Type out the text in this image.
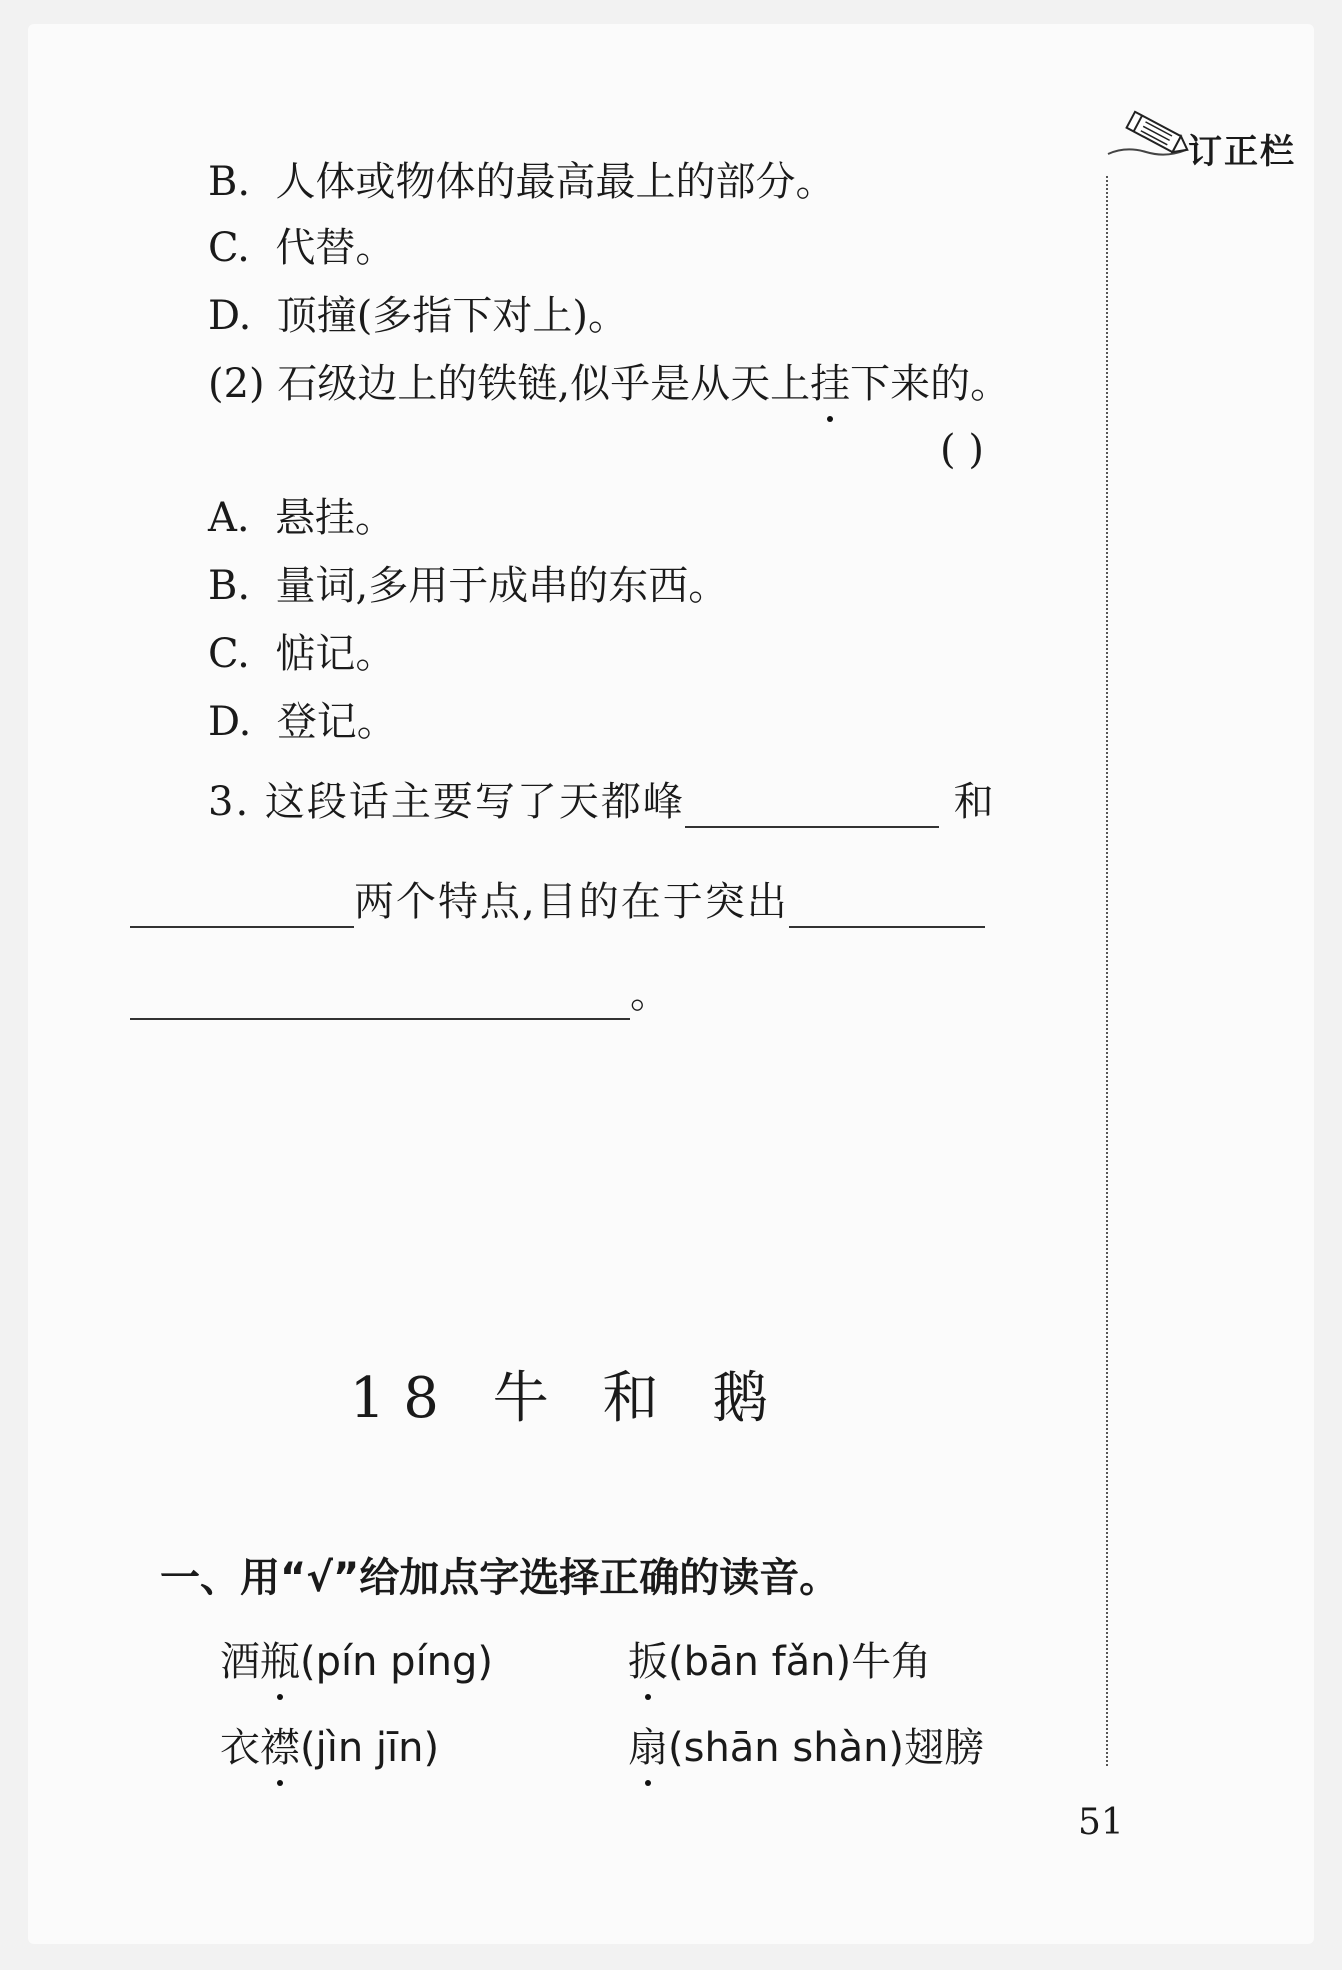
订正栏
B. 人体或物体的最高最上的部分。
C. 代替。
D. 顶撞(多指下对上)。
(2) 石级边上的铁链,似乎是从天上挂下来的。
( )
A. 悬挂。
B. 量词,多用于成串的东西。
C. 惦记。
D. 登记。
3. 这段话主要写了天都峰	和
两个特点,目的在于突出
。
18 牛 和 鹅
一、用“√”给加点字选择正确的读音。
酒瓶(pín píng)	扳(bān fǎn)牛角
衣襟(jìn jīn)	扇(shān shàn)翅膀
51
